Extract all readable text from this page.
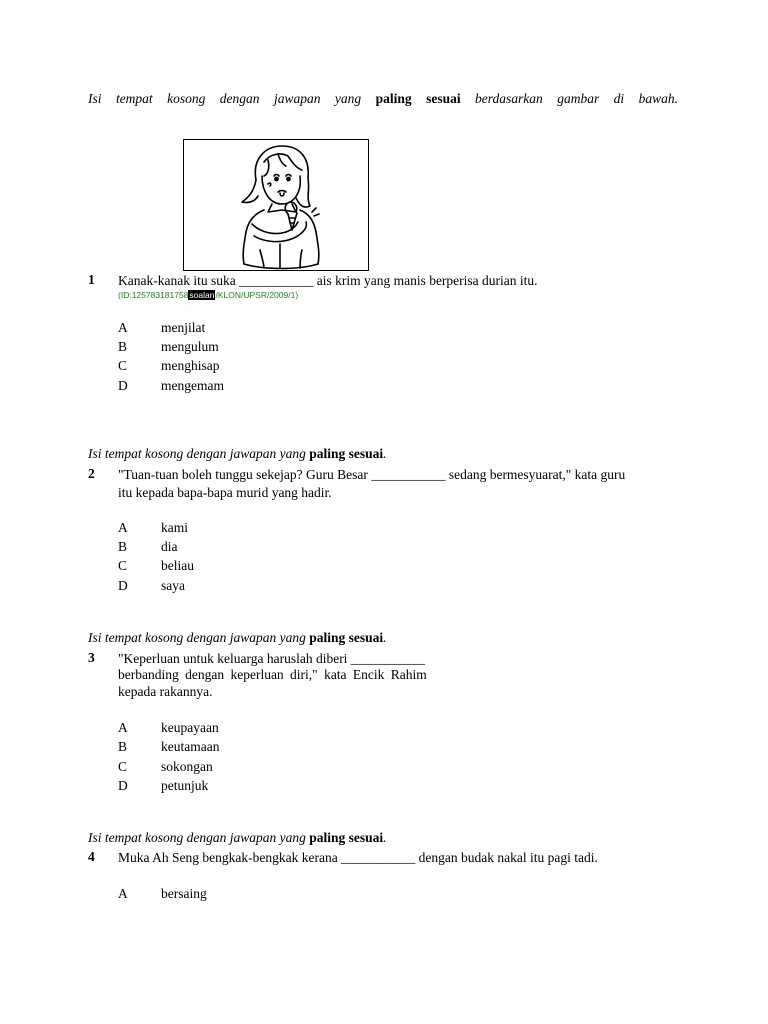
Isi tempat kosong dengan jawapan yang paling sesuai berdasarkan gambar di bawah.
1 Kanak-kanak itu suka ___________ ais krim yang manis berperisa durian itu.
(ID:125783181758soalan/KLON/UPSR/2009/1)
A menjilat
B	mengulum
C	menghisap
D mengemam
Isi tempat kosong dengan jawapan yang paling sesuai.
2 "Tuan-tuan boleh tunggu sekejap? Guru Besar ___________ sedang bermesyuarat," kata guru
itu kepada bapa-bapa murid yang hadir.
A kami
B	dia
C	beliau
D saya
Isi tempat kosong dengan jawapan yang paling sesuai.
3 "Keperluan untuk keluarga haruslah diberi ___________
berbanding dengan keperluan diri," kata Encik Rahim
kepada rakannya.
A keupayaan
B	keutamaan
C	sokongan
D petunjuk
Isi tempat kosong dengan jawapan yang paling sesuai.
4 Muka Ah Seng bengkak-bengkak kerana ___________ dengan budak nakal itu pagi tadi.
A bersaing
